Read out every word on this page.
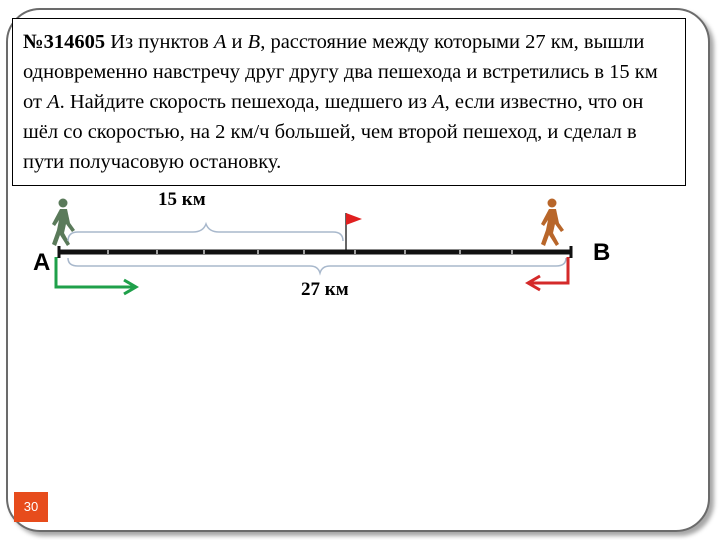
№314605 Из пунктов A и B, расстояние между которыми 27 км, вышли одновременно навстречу друг другу два пешехода и встретились в 15 км от A. Найдите скорость пешехода, шедшего из A, если известно, что он шёл со скоростью, на 2 км/ч большей, чем второй пешеход, и сделал в пути получасовую остановку.
A	B
15 км
27 км
30
